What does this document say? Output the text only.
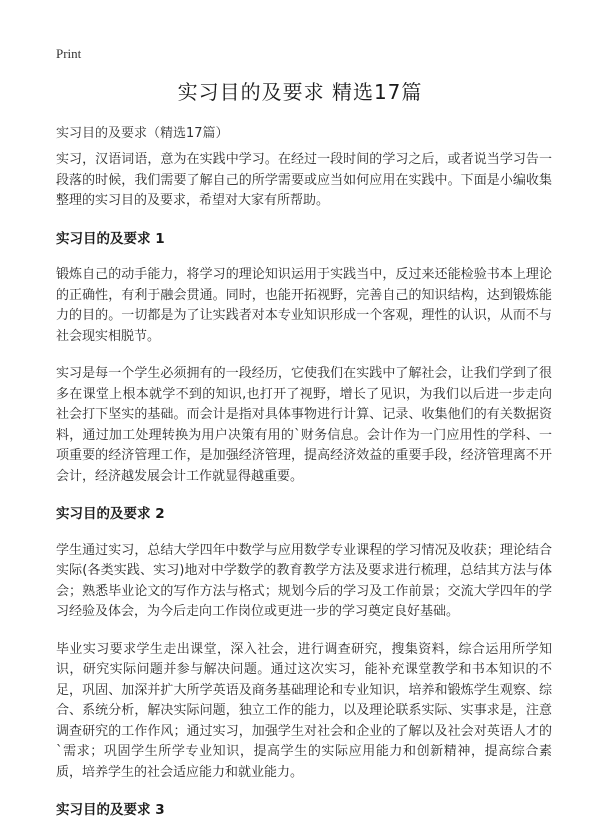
Print
实习目的及要求 精选17篇
实习目的及要求（精选17篇）

实习，汉语词语，意为在实践中学习。在经过一段时间的学习之后，或者说当学习告一段落的时候，我们需要了解自己的所学需要或应当如何应用在实践中。下面是小编收集整理的实习目的及要求，希望对大家有所帮助。

实习目的及要求 1

锻炼自己的动手能力，将学习的理论知识运用于实践当中，反过来还能检验书本上理论的正确性，有利于融会贯通。同时，也能开拓视野，完善自己的知识结构，达到锻炼能力的目的。一切都是为了让实践者对本专业知识形成一个客观，理性的认识，从而不与社会现实相脱节。

实习是每一个学生必须拥有的一段经历，它使我们在实践中了解社会，让我们学到了很多在课堂上根本就学不到的知识,也打开了视野，增长了见识，为我们以后进一步走向社会打下坚实的基础。而会计是指对具体事物进行计算、记录、收集他们的有关数据资料，通过加工处理转换为用户决策有用的`财务信息。会计作为一门应用性的学科、一项重要的经济管理工作，是加强经济管理，提高经济效益的重要手段，经济管理离不开会计，经济越发展会计工作就显得越重要。

实习目的及要求 2

学生通过实习，总结大学四年中数学与应用数学专业课程的学习情况及收获；理论结合实际(各类实践、实习)地对中学数学的教育教学方法及要求进行梳理，总结其方法与体会；熟悉毕业论文的写作方法与格式；规划今后的学习及工作前景；交流大学四年的学习经验及体会，为今后走向工作岗位或更进一步的学习奠定良好基础。

毕业实习要求学生走出课堂，深入社会，进行调查研究，搜集资料，综合运用所学知识，研究实际问题并参与解决问题。通过这次实习，能补充课堂教学和书本知识的不足，巩固、加深并扩大所学英语及商务基础理论和专业知识，培养和锻炼学生观察、综合、系统分析，解决实际问题，独立工作的能力，以及理论联系实际、实事求是，注意调查研究的工作作风；通过实习，加强学生对社会和企业的了解以及社会对英语人才的`需求；巩固学生所学专业知识，提高学生的实际应用能力和创新精神，提高综合素质，培养学生的社会适应能力和就业能力。

实习目的及要求 3
